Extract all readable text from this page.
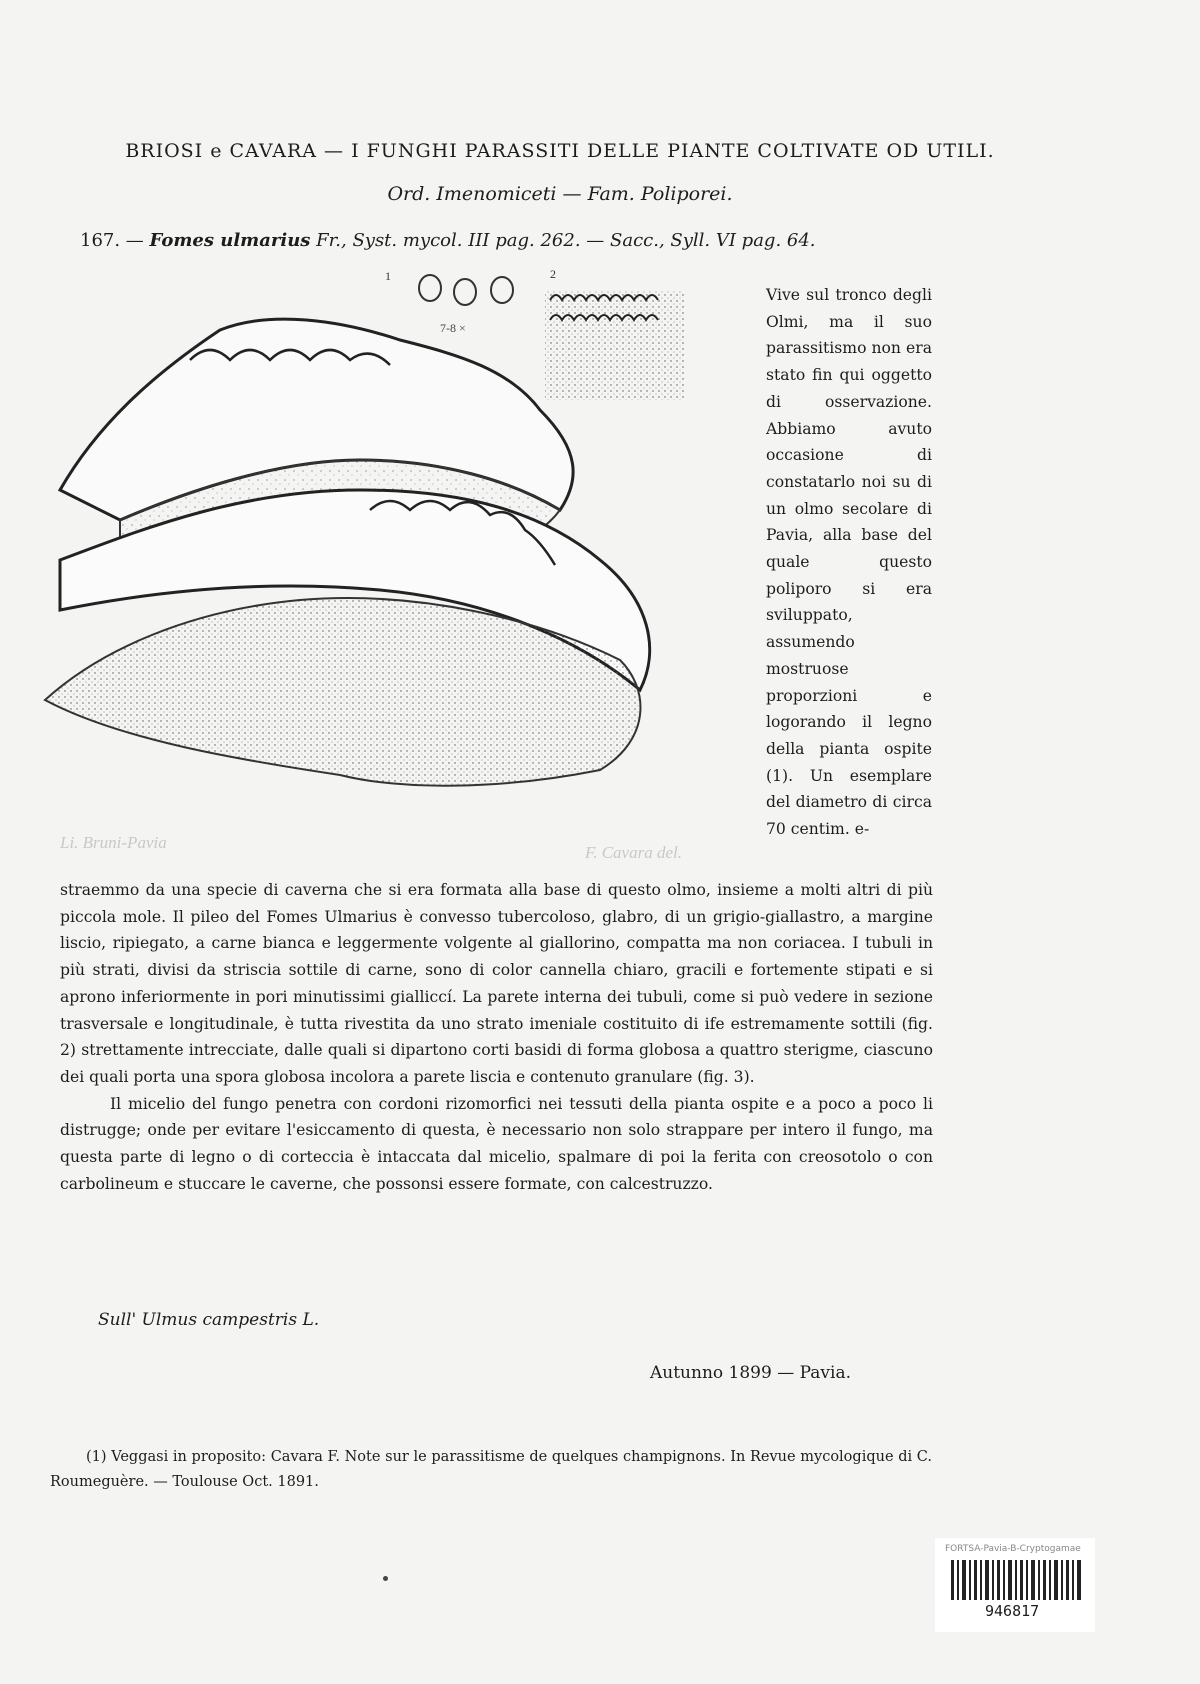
BRIOSI e CAVARA — I FUNGHI PARASSITI DELLE PIANTE COLTIVATE OD UTILI.
Ord. Imenomiceti — Fam. Poliporei.
167. — Fomes ulmarius Fr., Syst. mycol. III pag. 262. — Sacc., Syll. VI pag. 64.
1
7-8 ×
2
Li. Bruni-Pavia
F. Cavara del.

Vive sul tronco degli Olmi, ma il suo parassitismo non era stato fin qui oggetto di osservazione. Abbiamo avuto occasione di constatarlo noi su di un olmo secolare di Pavia, alla base del quale questo poliporo si era sviluppato, assumendo mostruose proporzioni e logorando il legno della pianta ospite (1). Un esemplare del diametro di circa 70 centim. e-

straemmo da una specie di caverna che si era formata alla base di questo olmo, insieme a molti altri di più piccola mole. Il pileo del Fomes Ulmarius è convesso tubercoloso, glabro, di un grigio-giallastro, a margine liscio, ripiegato, a carne bianca e leggermente volgente al giallorino, compatta ma non coriacea. I tubuli in più strati, divisi da striscia sottile di carne, sono di color cannella chiaro, gracili e fortemente stipati e si aprono inferiormente in pori minutissimi gialliccí. La parete interna dei tubuli, come si può vedere in sezione trasversale e longitudinale, è tutta rivestita da uno strato imeniale costituito di ife estremamente sottili (fig. 2) strettamente intrecciate, dalle quali si dipartono corti basidi di forma globosa a quattro sterigme, ciascuno dei quali porta una spora globosa incolora a parete liscia e contenuto granulare (fig. 3).

Il micelio del fungo penetra con cordoni rizomorfici nei tessuti della pianta ospite e a poco a poco li distrugge; onde per evitare l'esiccamento di questa, è necessario non solo strappare per intero il fungo, ma questa parte di legno o di corteccia è intaccata dal micelio, spalmare di poi la ferita con creosotolo o con carbolineum e stuccare le caverne, che possonsi essere formate, con calcestruzzo.

Sull' Ulmus campestris L.
Autunno 1899 — Pavia.

(1) Veggasi in proposito: Cavara F. Note sur le parassitisme de quelques champignons. In Revue mycologique di C. Roumeguère. — Toulouse Oct. 1891.

FORTSA-Pavia-B-Cryptogamae
946817
